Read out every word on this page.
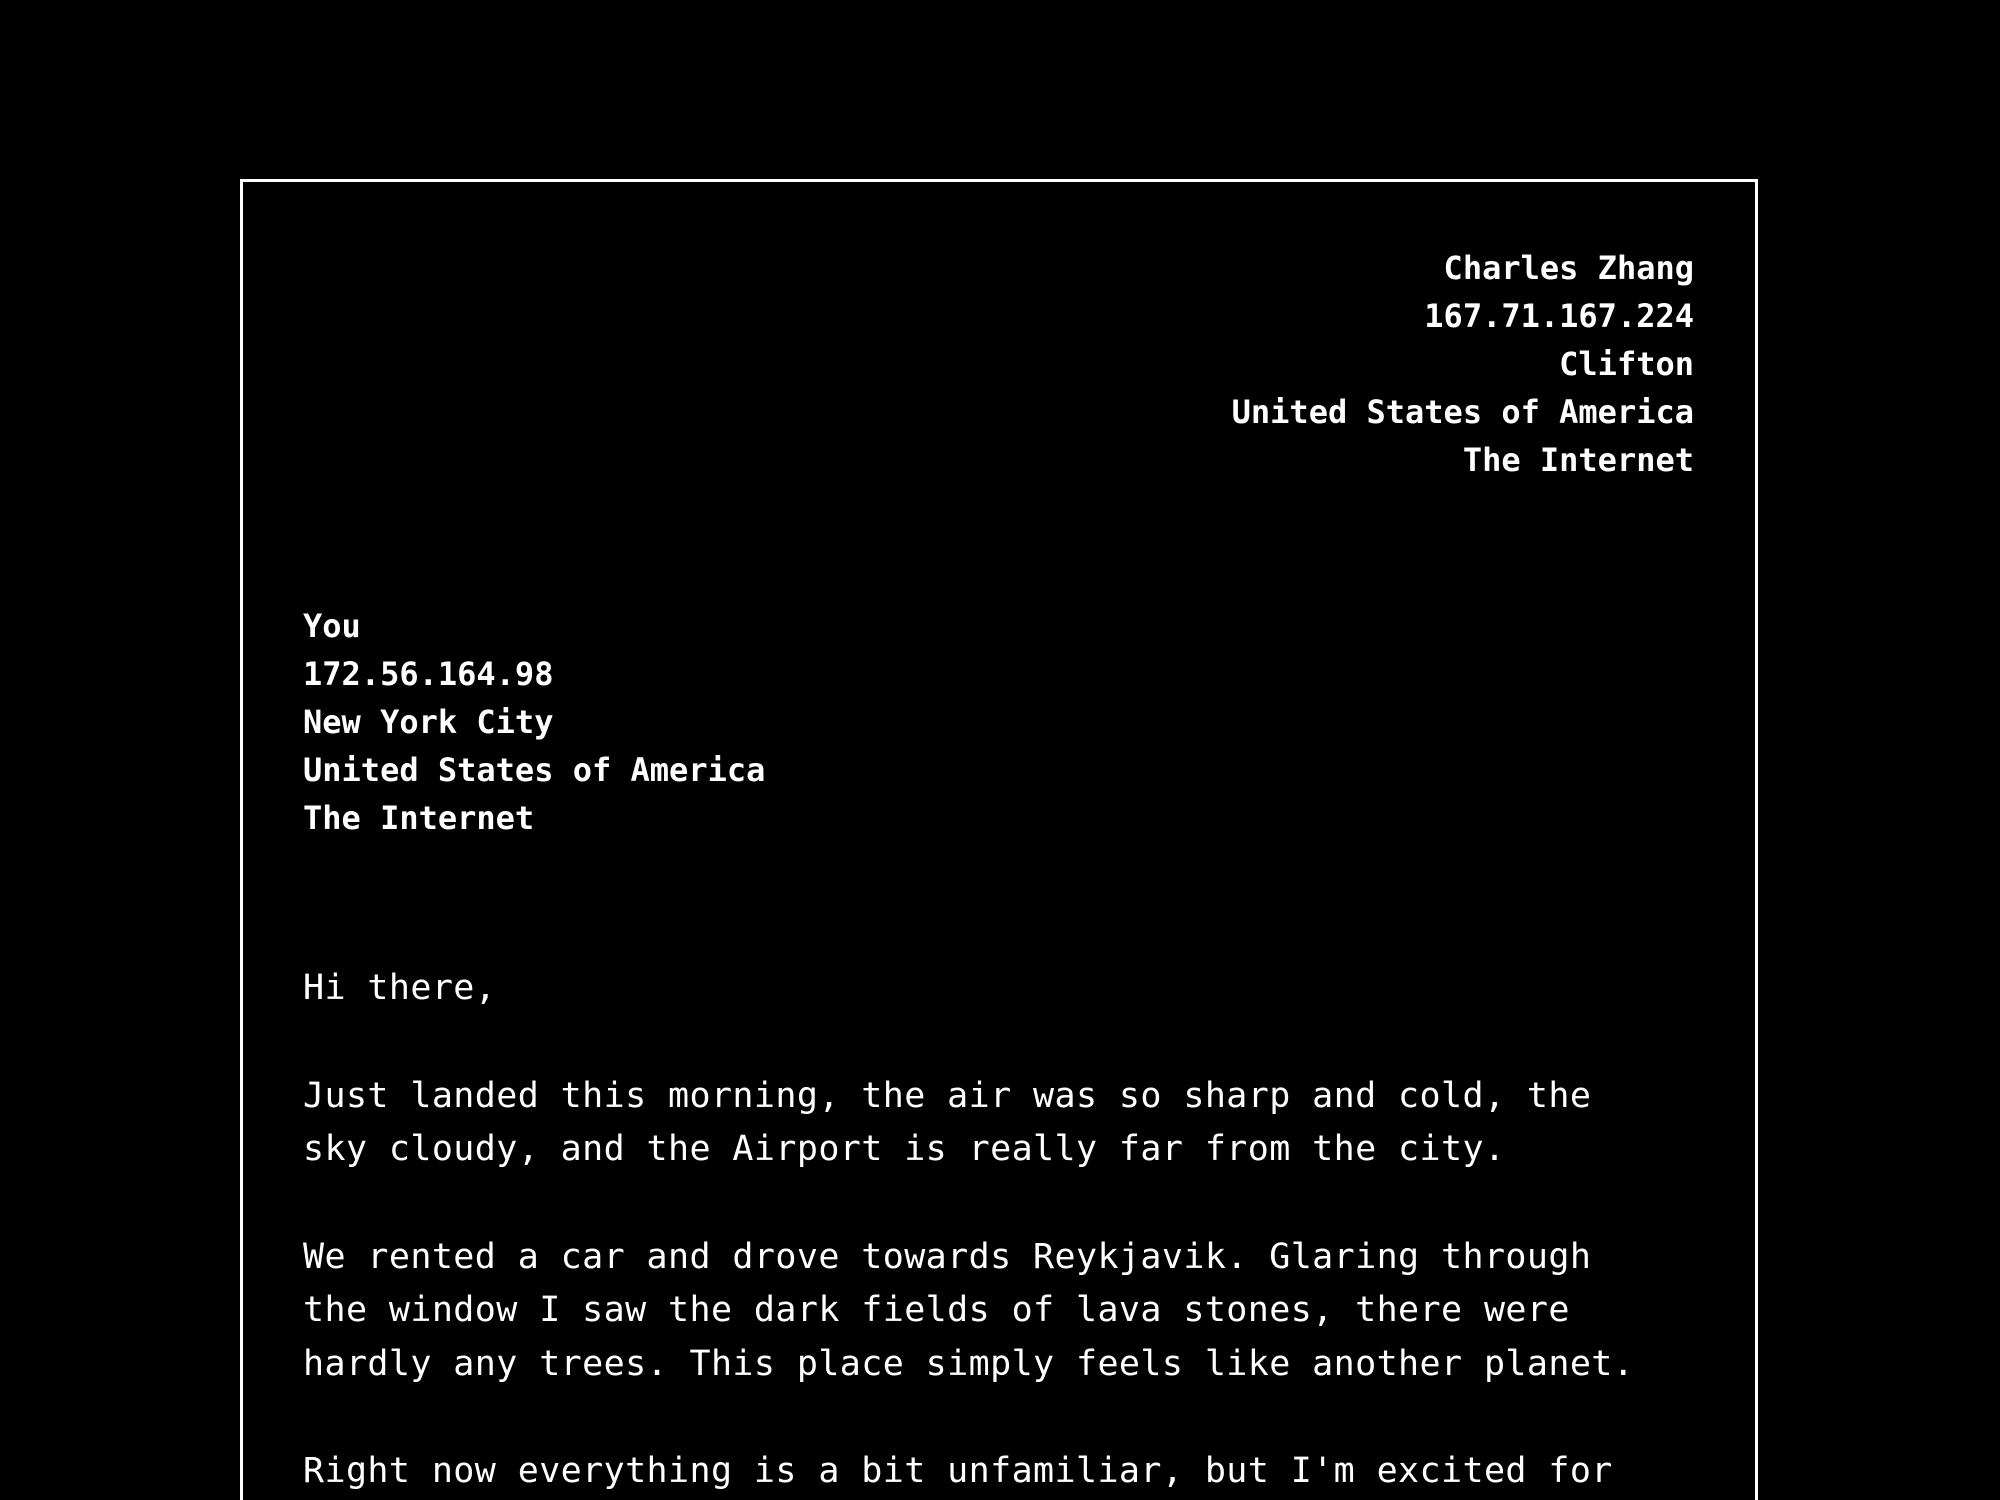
Charles Zhang
167.71.167.224
Clifton
United States of America
The Internet
You
172.56.164.98
New York City
United States of America
The Internet
Hi there,
Just landed this morning, the air was so sharp and cold, the
sky cloudy, and the Airport is really far from the city.
We rented a car and drove towards Reykjavik. Glaring through
the window I saw the dark fields of lava stones, there were
hardly any trees. This place simply feels like another planet.
Right now everything is a bit unfamiliar, but I'm excited for
